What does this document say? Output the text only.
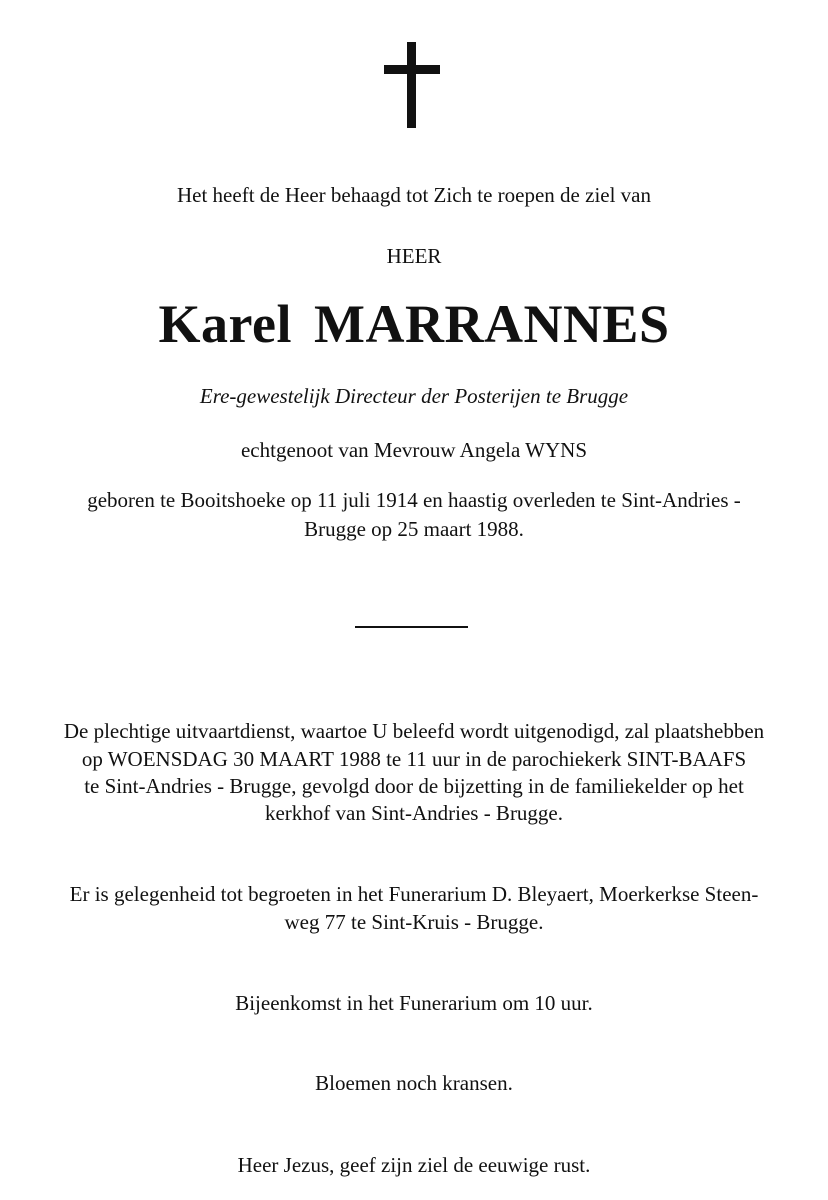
Het heeft de Heer behaagd tot Zich te roepen de ziel van
HEER
Karel MARRANNES
Ere-gewestelijk Directeur der Posterijen te Brugge
echtgenoot van Mevrouw Angela WYNS
geboren te Booitshoeke op 11 juli 1914 en haastig overleden te Sint-Andries -
Brugge op 25 maart 1988.
De plechtige uitvaartdienst, waartoe U beleefd wordt uitgenodigd, zal plaatshebben
op WOENSDAG 30 MAART 1988 te 11 uur in de parochiekerk SINT-BAAFS
te Sint-Andries - Brugge, gevolgd door de bijzetting in de familiekelder op het
kerkhof van Sint-Andries - Brugge.
Er is gelegenheid tot begroeten in het Funerarium D. Bleyaert, Moerkerkse Steen-
weg 77 te Sint-Kruis - Brugge.
Bijeenkomst in het Funerarium om 10 uur.
Bloemen noch kransen.
Heer Jezus, geef zijn ziel de eeuwige rust.
